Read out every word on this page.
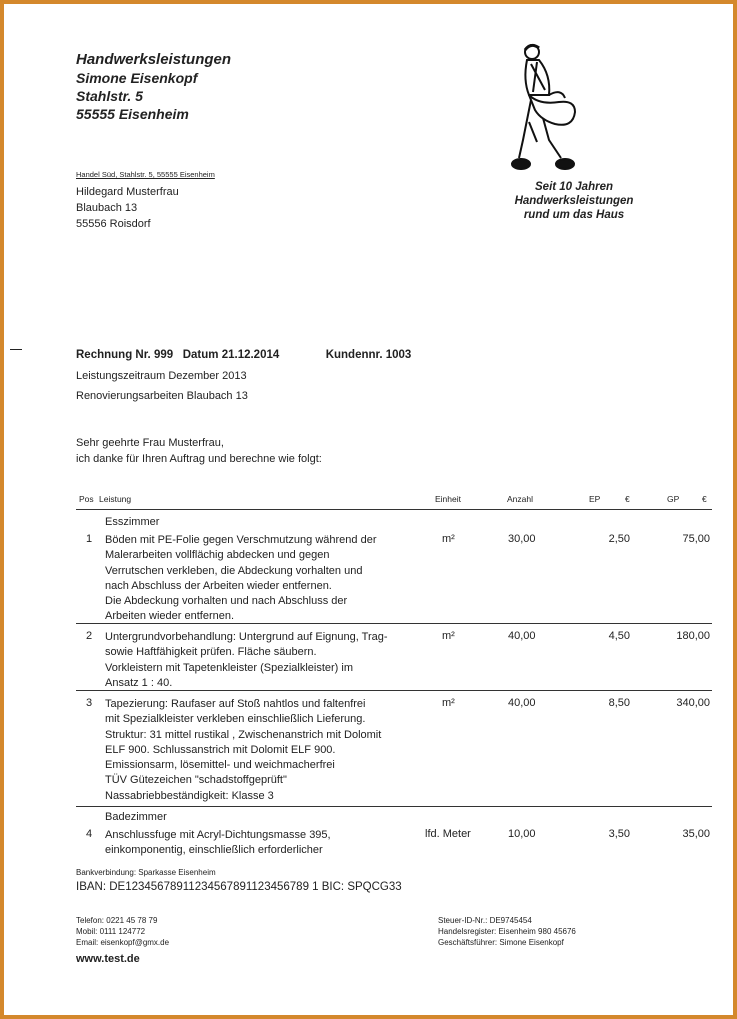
Handwerksleistungen
Simone Eisenkopf
Stahlstr. 5
55555 Eisenheim
Seit 10 Jahren
Handwerksleistungen
rund um das Haus
Handel Süd, Stahlstr. 5, 55555 Eisenheim
Hildegard Musterfrau
Blaubach 13
55556 Roisdorf
Rechnung Nr. 999 Datum 21.12.2014	Kundennr. 1003
Leistungszeitraum Dezember 2013
Renovierungsarbeiten Blaubach 13
Sehr geehrte Frau Musterfrau,
ich danke für Ihren Auftrag und berechne wie folgt:
Pos Leistung	Einheit	Anzahl	EP	€	GP	€
Esszimmer
1 Böden mit PE-Folie gegen Verschmutzung während der
Malerarbeiten vollflächig abdecken und gegen
Verrutschen verkleben, die Abdeckung vorhalten und
nach Abschluss der Arbeiten wieder entfernen.
Die Abdeckung vorhalten und nach Abschluss der
Arbeiten wieder entfernen.
m²	30,00	2,50	75,00
2 Untergrundvorbehandlung: Untergrund auf Eignung, Trag-
sowie Haftfähigkeit prüfen. Fläche säubern.
Vorkleistern mit Tapetenkleister (Spezialkleister) im
Ansatz 1 : 40.
m²	40,00	4,50	180,00
3 Tapezierung: Raufaser auf Stoß nahtlos und faltenfrei
mit Spezialkleister verkleben einschließlich Lieferung.
Struktur: 31 mittel rustikal , Zwischenanstrich mit Dolomit
ELF 900. Schlussanstrich mit Dolomit ELF 900.
Emissionsarm, lösemittel- und weichmacherfrei
TÜV Gütezeichen "schadstoffgeprüft"
Nassabriebbeständigkeit: Klasse 3
m²	40,00	8,50	340,00
Badezimmer
4 Anschlussfuge mit Acryl-Dichtungsmasse 395,
einkomponentig, einschließlich erforderlicher
lfd. Meter	10,00	3,50	35,00
Bankverbindung: Sparkasse Eisenheim
IBAN: DE12345678911234567891123456789 1 BIC: SPQCG33
Telefon: 0221 45 78 79
Mobil: 0111 124772
Email: eisenkopf@gmx.de
Steuer-ID-Nr.: DE9745454
Handelsregister: Eisenheim 980 45676
Geschäftsführer: Simone Eisenkopf
www.test.de
